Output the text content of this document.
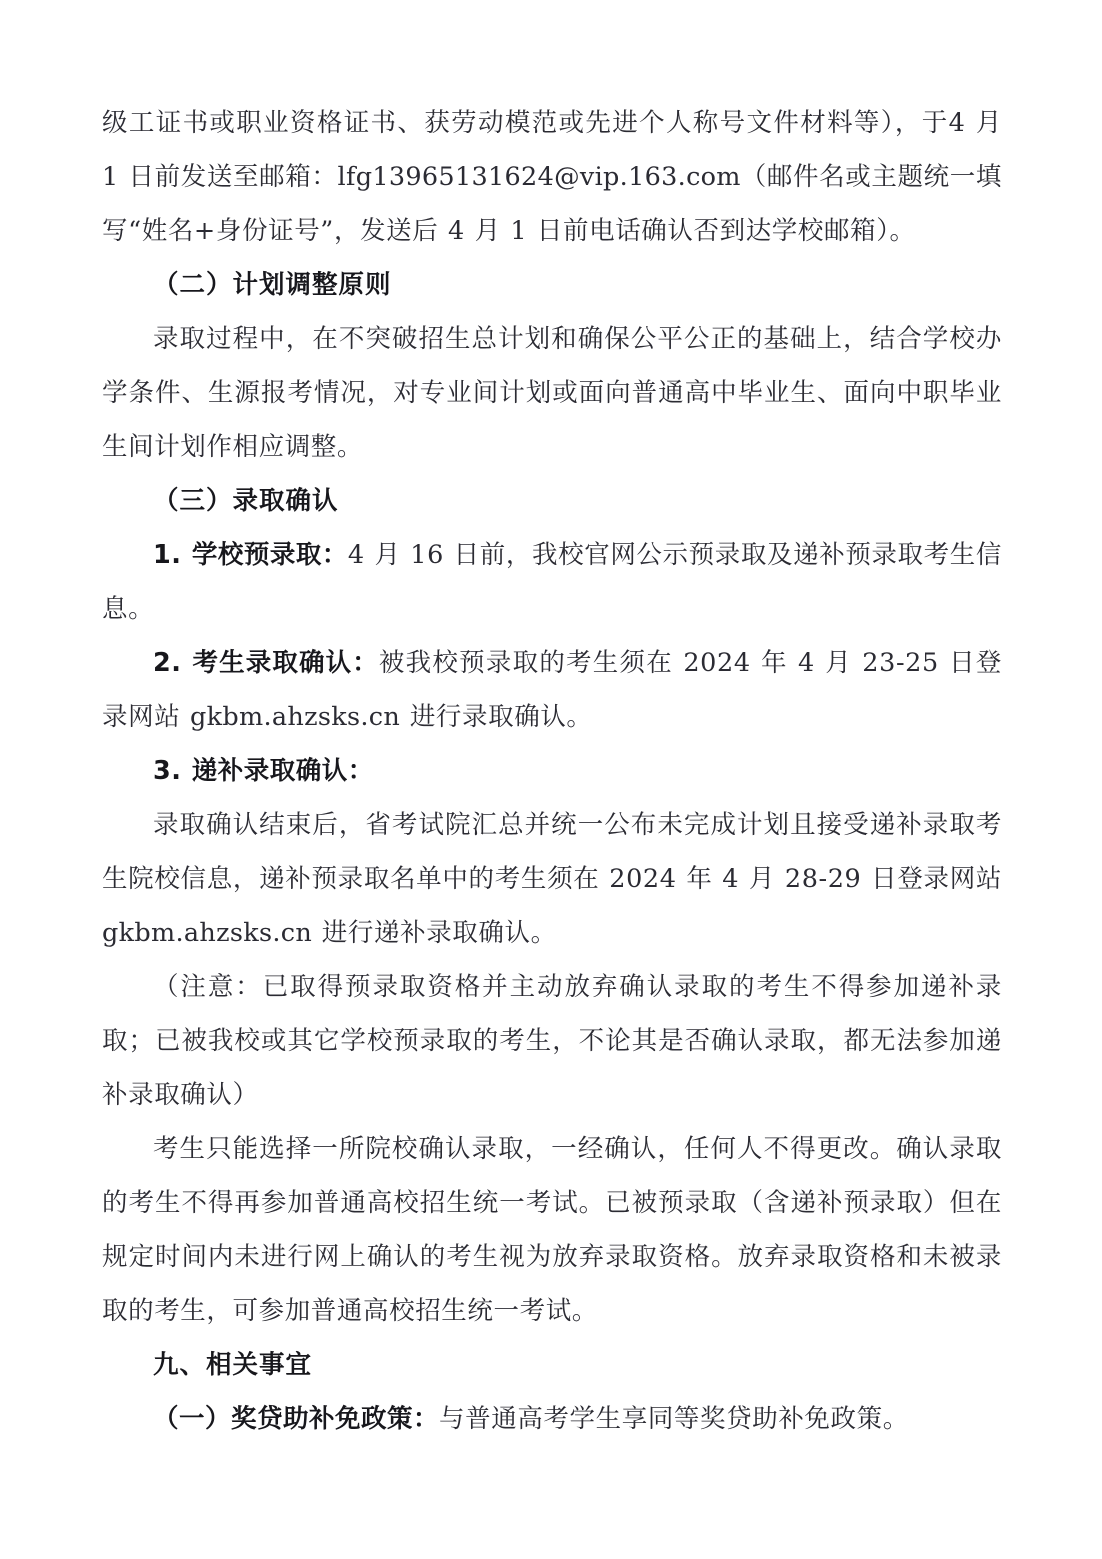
级工证书或职业资格证书、获劳动模范或先进个人称号文件材料等），于4 月 1 日前发送至邮箱：lfg13965131624@vip.163.com（邮件名或主题统一填写“姓名+身份证号”，发送后 4 月 1 日前电话确认否到达学校邮箱）。

（二）计划调整原则

录取过程中，在不突破招生总计划和确保公平公正的基础上，结合学校办学条件、生源报考情况，对专业间计划或面向普通高中毕业生、面向中职毕业生间计划作相应调整。

（三）录取确认

1. 学校预录取：4 月 16 日前，我校官网公示预录取及递补预录取考生信息。

2. 考生录取确认：被我校预录取的考生须在 2024 年 4 月 23-25 日登录网站 gkbm.ahzsks.cn 进行录取确认。

3. 递补录取确认：

录取确认结束后，省考试院汇总并统一公布未完成计划且接受递补录取考生院校信息，递补预录取名单中的考生须在 2024 年 4 月 28-29 日登录网站 gkbm.ahzsks.cn 进行递补录取确认。

（注意：已取得预录取资格并主动放弃确认录取的考生不得参加递补录取；已被我校或其它学校预录取的考生，不论其是否确认录取，都无法参加递补录取确认）

考生只能选择一所院校确认录取，一经确认，任何人不得更改。确认录取的考生不得再参加普通高校招生统一考试。已被预录取（含递补预录取）但在规定时间内未进行网上确认的考生视为放弃录取资格。放弃录取资格和未被录取的考生，可参加普通高校招生统一考试。

九、相关事宜

（一）奖贷助补免政策：与普通高考学生享同等奖贷助补免政策。
